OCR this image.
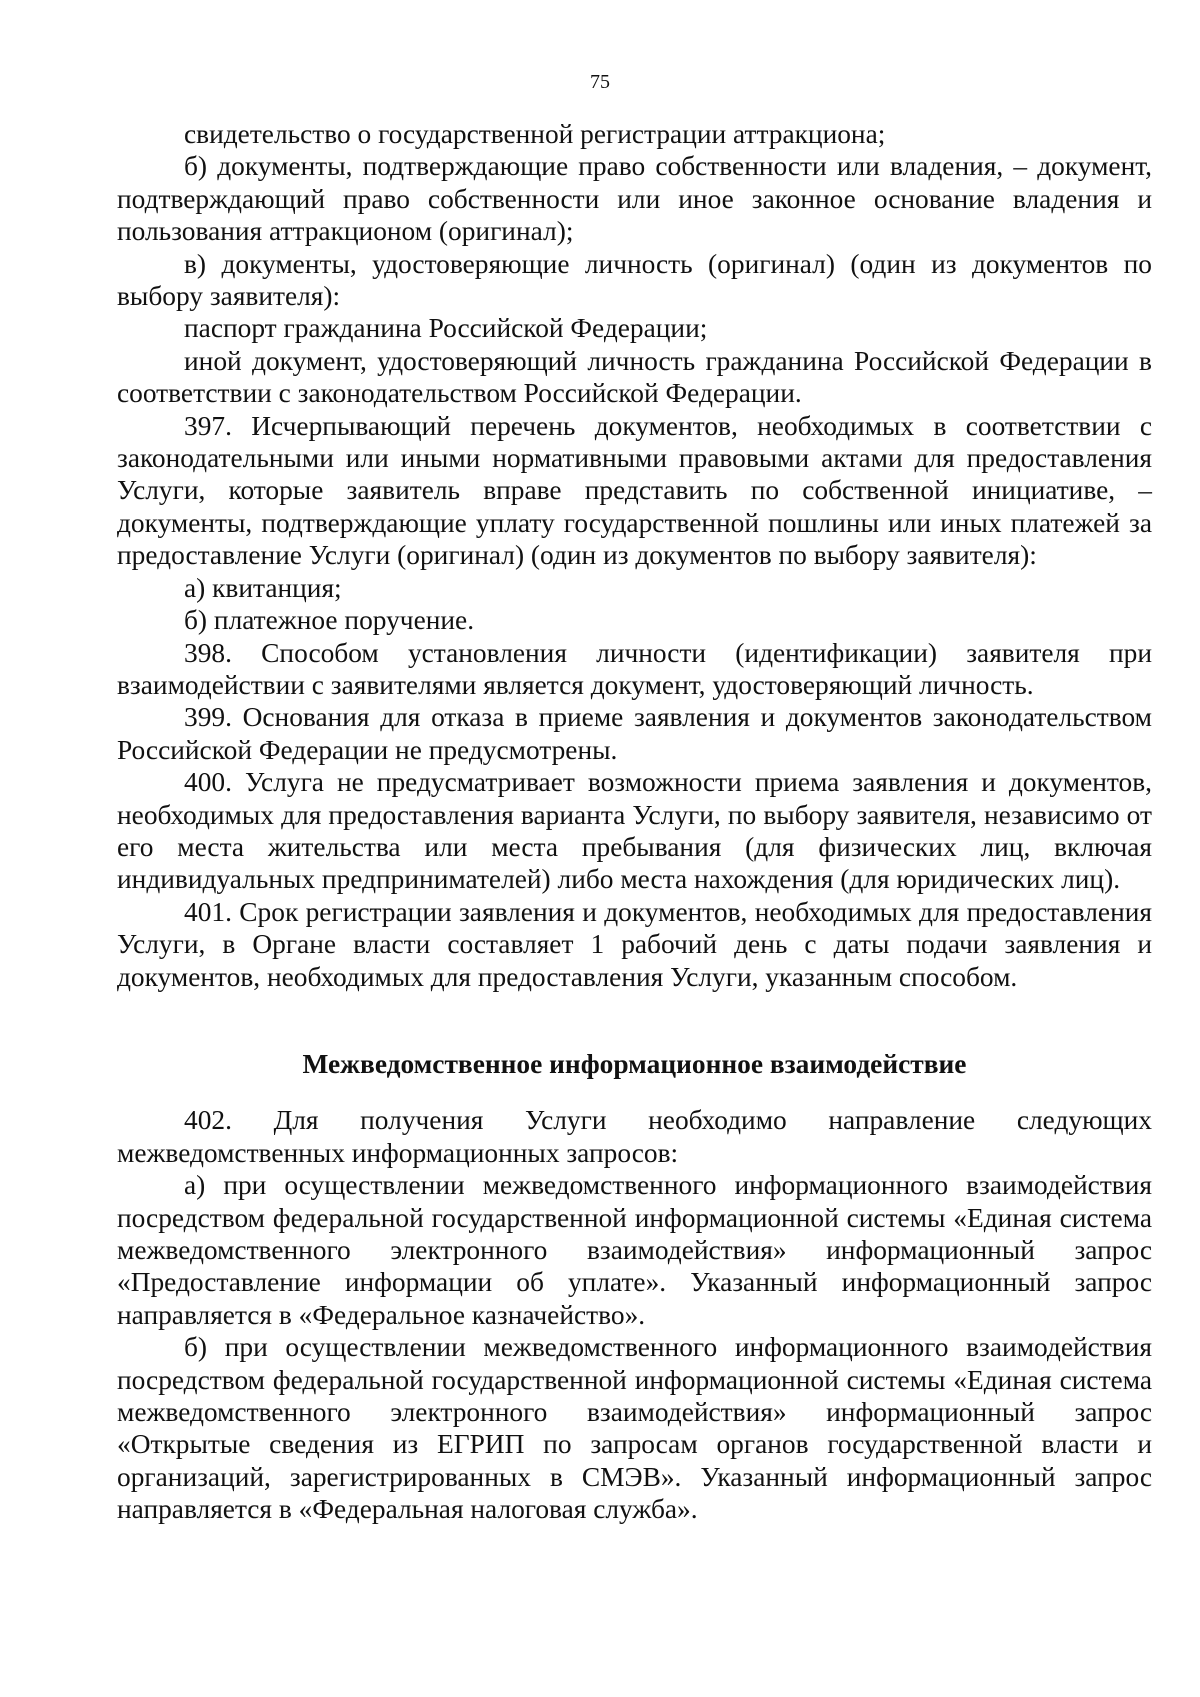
75

свидетельство о государственной регистрации аттракциона;

б) документы, подтверждающие право собственности или владения, – документ, подтверждающий право собственности или иное законное основание владения и пользования аттракционом (оригинал);

в) документы, удостоверяющие личность (оригинал) (один из документов по выбору заявителя):

паспорт гражданина Российской Федерации;

иной документ, удостоверяющий личность гражданина Российской Федерации в соответствии с законодательством Российской Федерации.

397. Исчерпывающий перечень документов, необходимых в соответствии с законодательными или иными нормативными правовыми актами для предоставления Услуги, которые заявитель вправе представить по собственной инициативе, – документы, подтверждающие уплату государственной пошлины или иных платежей за предоставление Услуги (оригинал) (один из документов по выбору заявителя):

а) квитанция;

б) платежное поручение.

398. Способом установления личности (идентификации) заявителя при взаимодействии с заявителями является документ, удостоверяющий личность.

399. Основания для отказа в приеме заявления и документов законодательством Российской Федерации не предусмотрены.

400. Услуга не предусматривает возможности приема заявления и документов, необходимых для предоставления варианта Услуги, по выбору заявителя, независимо от его места жительства или места пребывания (для физических лиц, включая индивидуальных предпринимателей) либо места нахождения (для юридических лиц).

401. Срок регистрации заявления и документов, необходимых для предоставления Услуги, в Органе власти составляет 1 рабочий день с даты подачи заявления и документов, необходимых для предоставления Услуги, указанным способом.

Межведомственное информационное взаимодействие

402. Для получения Услуги необходимо направление следующих межведомственных информационных запросов:

а) при осуществлении межведомственного информационного взаимодействия посредством федеральной государственной информационной системы «Единая система межведомственного электронного взаимодействия» информационный запрос «Предоставление информации об уплате». Указанный информационный запрос направляется в «Федеральное казначейство».

б) при осуществлении межведомственного информационного взаимодействия посредством федеральной государственной информационной системы «Единая система межведомственного электронного взаимодействия» информационный запрос «Открытые сведения из ЕГРИП по запросам органов государственной власти и организаций, зарегистрированных в СМЭВ». Указанный информационный запрос направляется в «Федеральная налоговая служба».
